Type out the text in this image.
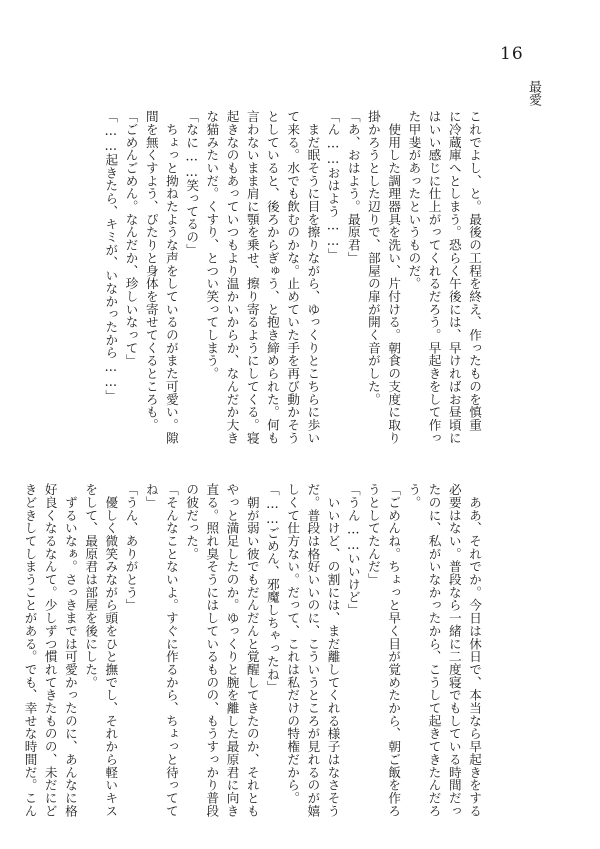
16
最愛
これでよし、と。最後の工程を終え、作ったものを慎重
に冷蔵庫へとしまう。恐らく午後には、早ければお昼頃に
はいい感じに仕上がってくれるだろう。早起きをして作っ
た甲斐があったというものだ。
　使用した調理器具を洗い、片付ける。朝食の支度に取り
掛かろうとした辺りで、部屋の扉が開く音がした。
「あ、おはよう。最原君」
「ん……おはよう……」
　まだ眠そうに目を擦りながら、ゆっくりとこちらに歩い
て来る。水でも飲むのかな。止めていた手を再び動かそう
としていると、後ろからぎゅう、と抱き締められた。何も
言わないまま肩に顎を乗せ、擦り寄るようにしてくる。寝
起きなのもあっていつもより温かいからか、なんだか大き
な猫みたいだ。くすり、とつい笑ってしまう。
「なに……笑ってるの」
　ちょっと拗ねたような声をしているのがまた可愛い。隙
間を無くすよう、ぴたりと身体を寄せてくるところも。
「ごめんごめん。なんだか、珍しいなって」
「……起きたら、キミが、いなかったから……」
　ああ、それでか。今日は休日で、本当なら早起きをする
必要はない。普段なら一緒に二度寝でもしている時間だっ
たのに、私がいなかったから、こうして起きてきたんだろ
う。
「ごめんね。ちょっと早く目が覚めたから、朝ご飯を作ろ
うとしてたんだ」
「うん……いいけど」
　いいけど、の割には、まだ離してくれる様子はなさそう
だ。普段は格好いいのに、こういうところが見れるのが嬉
しくて仕方ない。だって、これは私だけの特権だから。
「……ごめん、邪魔しちゃったね」
　朝が弱い彼でもだんだんと覚醒してきたのか、それとも
やっと満足したのか。ゆっくりと腕を離した最原君に向き
直る。照れ臭そうにはしているものの、もうすっかり普段
の彼だった。
「そんなことないよ。すぐに作るから、ちょっと待ってて
ね」
「うん、ありがとう」
　優しく微笑みながら頭をひと撫でし、それから軽いキス
をして、最原君は部屋を後にした。
　ずるいなぁ。さっきまでは可愛かったのに、あんなに格
好良くなるなんて。少しずつ慣れてきたものの、未だにど
きどきしてしまうことがある。でも、幸せな時間だ。こん
